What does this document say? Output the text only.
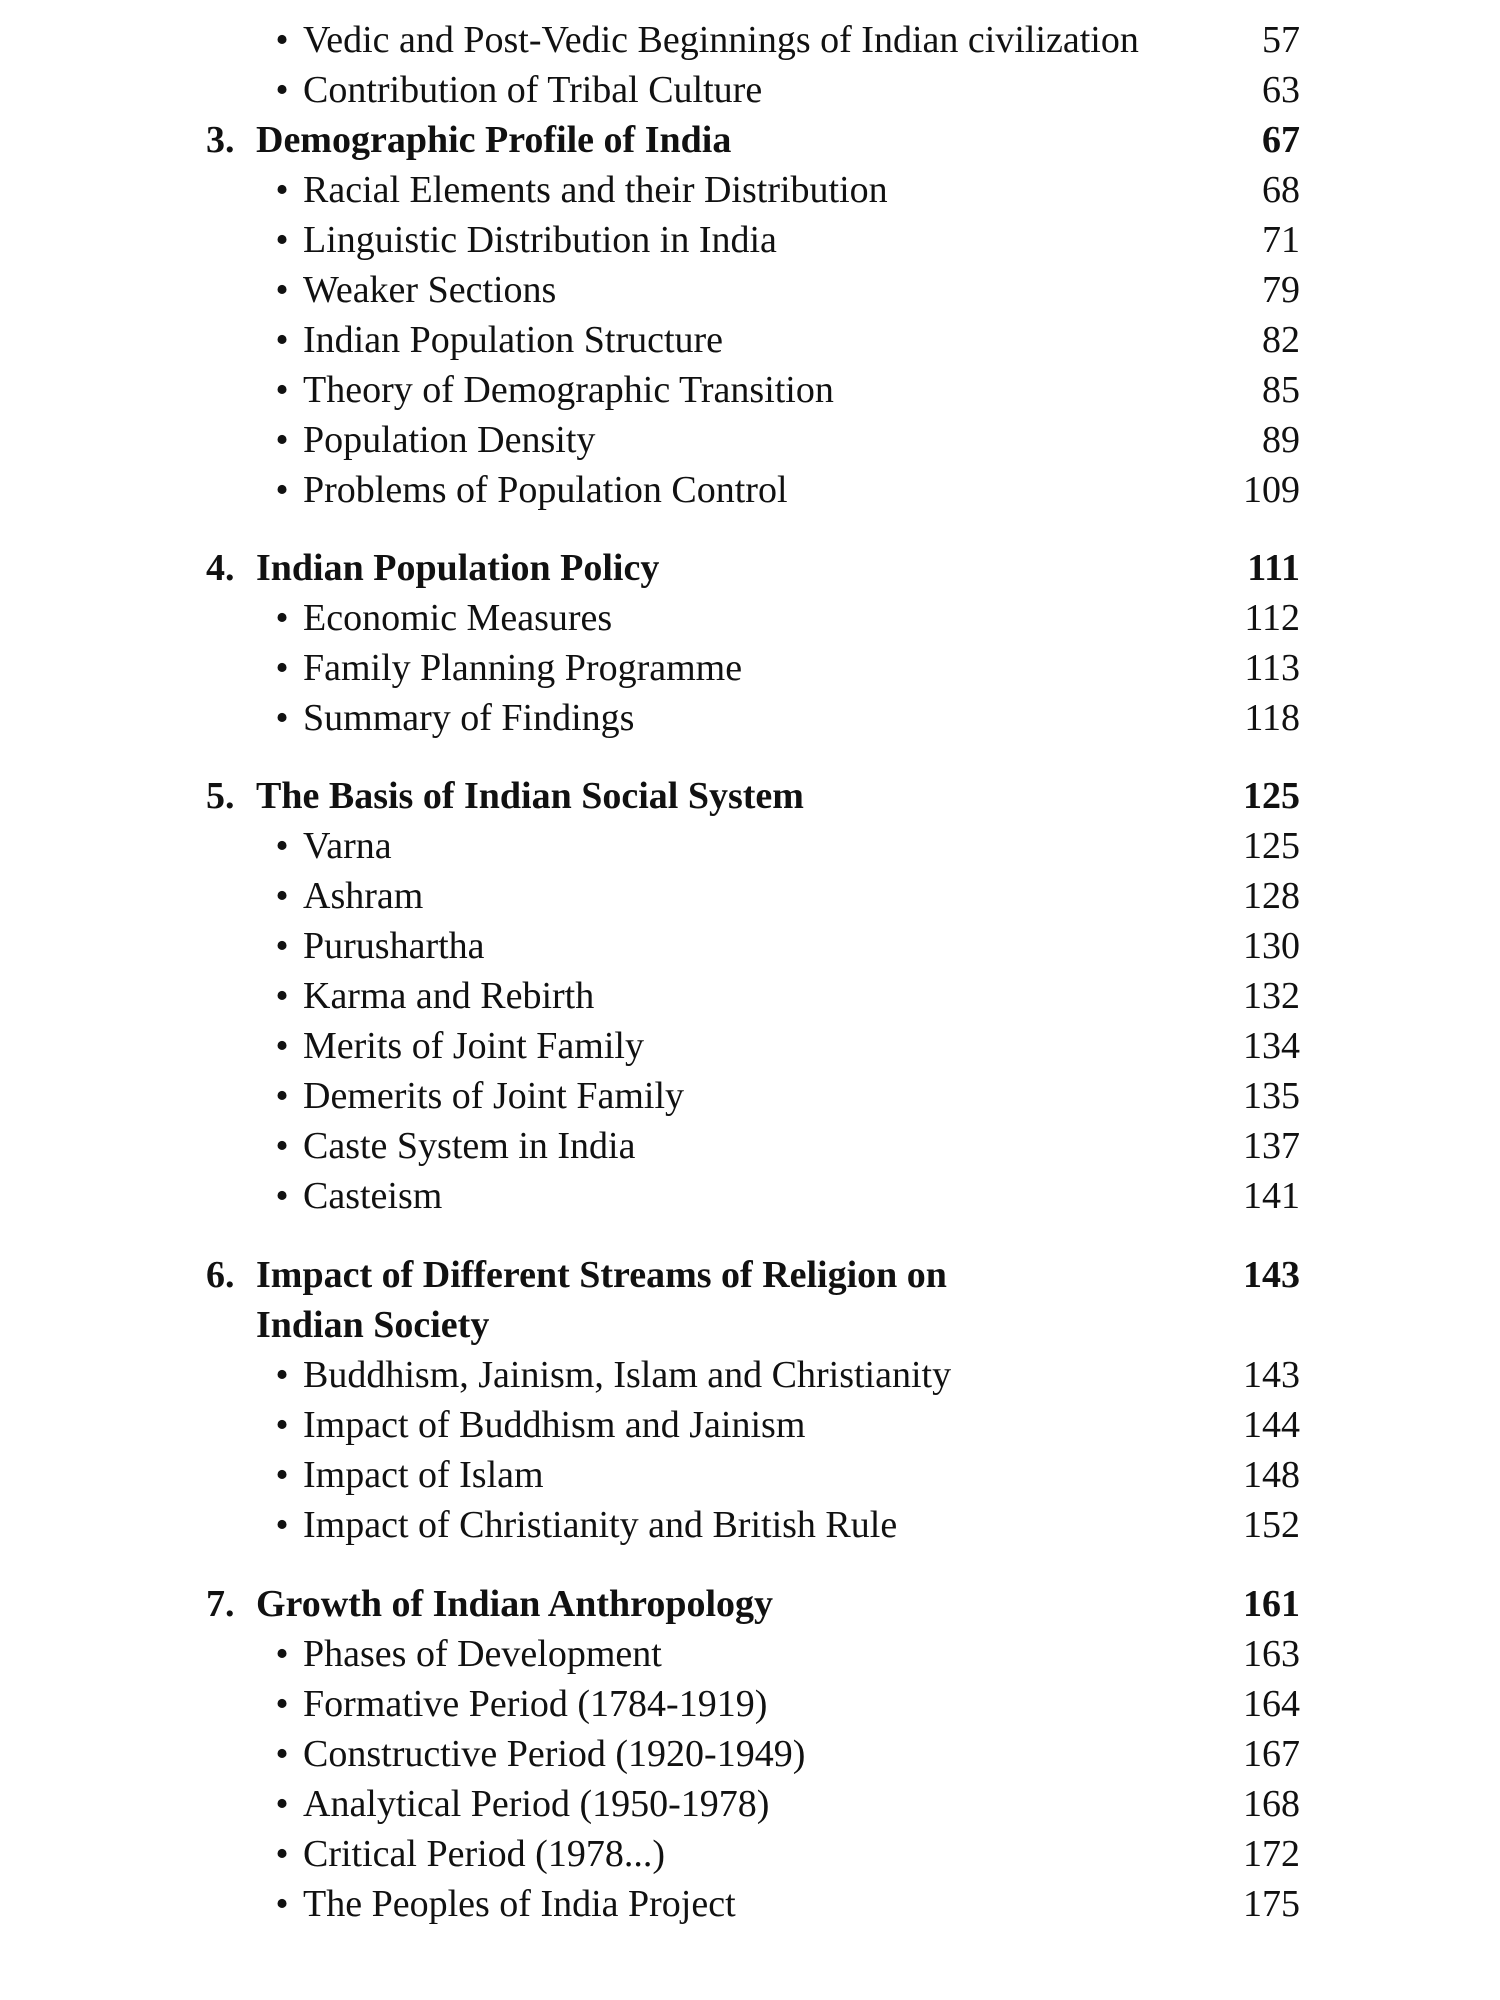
• Vedic and Post-Vedic Beginnings of Indian civilization	57
• Contribution of Tribal Culture	63
3. Demographic Profile of India	67
• Racial Elements and their Distribution	68
• Linguistic Distribution in India	71
• Weaker Sections	79
• Indian Population Structure	82
• Theory of Demographic Transition	85
• Population Density	89
• Problems of Population Control	109
4. Indian Population Policy	111
• Economic Measures	112
• Family Planning Programme	113
• Summary of Findings	118
5. The Basis of Indian Social System	125
• Varna	125
• Ashram	128
• Purushartha	130
• Karma and Rebirth	132
• Merits of Joint Family	134
• Demerits of Joint Family	135
• Caste System in India	137
• Casteism	141
6. Impact of Different Streams of Religion on	143
Indian Society
• Buddhism, Jainism, Islam and Christianity	143
• Impact of Buddhism and Jainism	144
• Impact of Islam	148
• Impact of Christianity and British Rule	152
7. Growth of Indian Anthropology	161
• Phases of Development	163
• Formative Period (1784-1919)	164
• Constructive Period (1920-1949)	167
• Analytical Period (1950-1978)	168
• Critical Period (1978...)	172
• The Peoples of India Project	175
